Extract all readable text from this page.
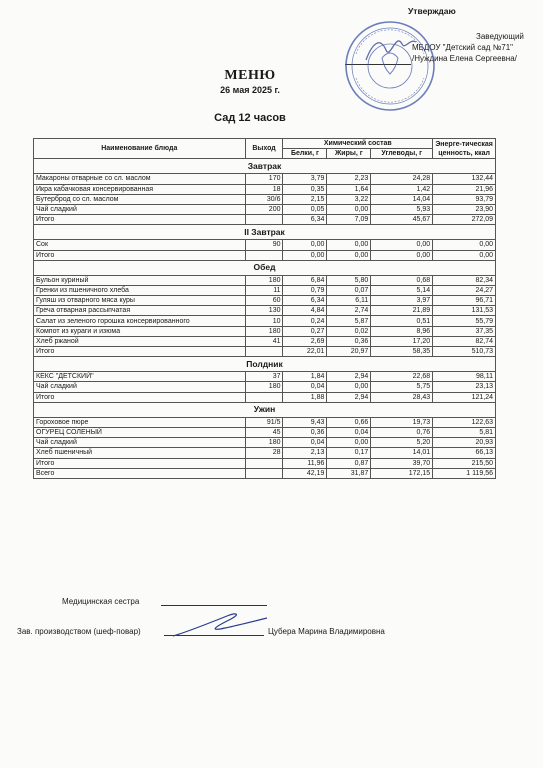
Утверждаю
Заведующий
МБДОУ "Детский сад №71"
/Нуждина Елена Сергеевна/
МЕНЮ
26 мая 2025 г.
Сад 12 часов
Наименование блюда	Выход	Химический состав			Энерге-тическая ценность, ккал
		Белки, г	Жиры, г	Углеводы, г	
Завтрак					
Макароны отварные со сл. маслом	170	3,79	2,23	24,28	132,44
Икра кабачковая консервированная	18	0,35	1,64	1,42	21,96
Бутерброд со сл. маслом	30/6	2,15	3,22	14,04	93,79
Чай сладкий	200	0,05	0,00	5,93	23,90
Итого		6,34	7,09	45,67	272,09
II Завтрак					
Сок	90	0,00	0,00	0,00	0,00
Итого		0,00	0,00	0,00	0,00
Обед					
Бульон куриный	180	6,84	5,80	0,68	82,34
Гренки из пшеничного хлеба	11	0,79	0,07	5,14	24,27
Гуляш из отварного мяса куры	60	6,34	6,11	3,97	96,71
Греча отварная рассыпчатая	130	4,84	2,74	21,89	131,53
Салат из зеленого горошка консервированного	10	0,24	5,87	0,51	55,79
Компот из кураги и изюма	180	0,27	0,02	8,96	37,35
Хлеб ржаной	41	2,69	0,36	17,20	82,74
Итого		22,01	20,97	58,35	510,73
Полдник					
КЕКС "ДЕТСКИЙ"	37	1,84	2,94	22,68	98,11
Чай сладкий	180	0,04	0,00	5,75	23,13
Итого		1,88	2,94	28,43	121,24
Ужин					
Гороховое пюре	91/5	9,43	0,66	19,73	122,63
ОГУРЕЦ СОЛЕНЫЙ	45	0,36	0,04	0,76	5,81
Чай сладкий	180	0,04	0,00	5,20	20,93
Хлеб пшеничный	28	2,13	0,17	14,01	66,13
Итого		11,96	0,87	39,70	215,50
Всего		42,19	31,87	172,15	1 119,56
Медицинская сестра
Зав. производством (шеф-повар)	Цубера Марина Владимировна
